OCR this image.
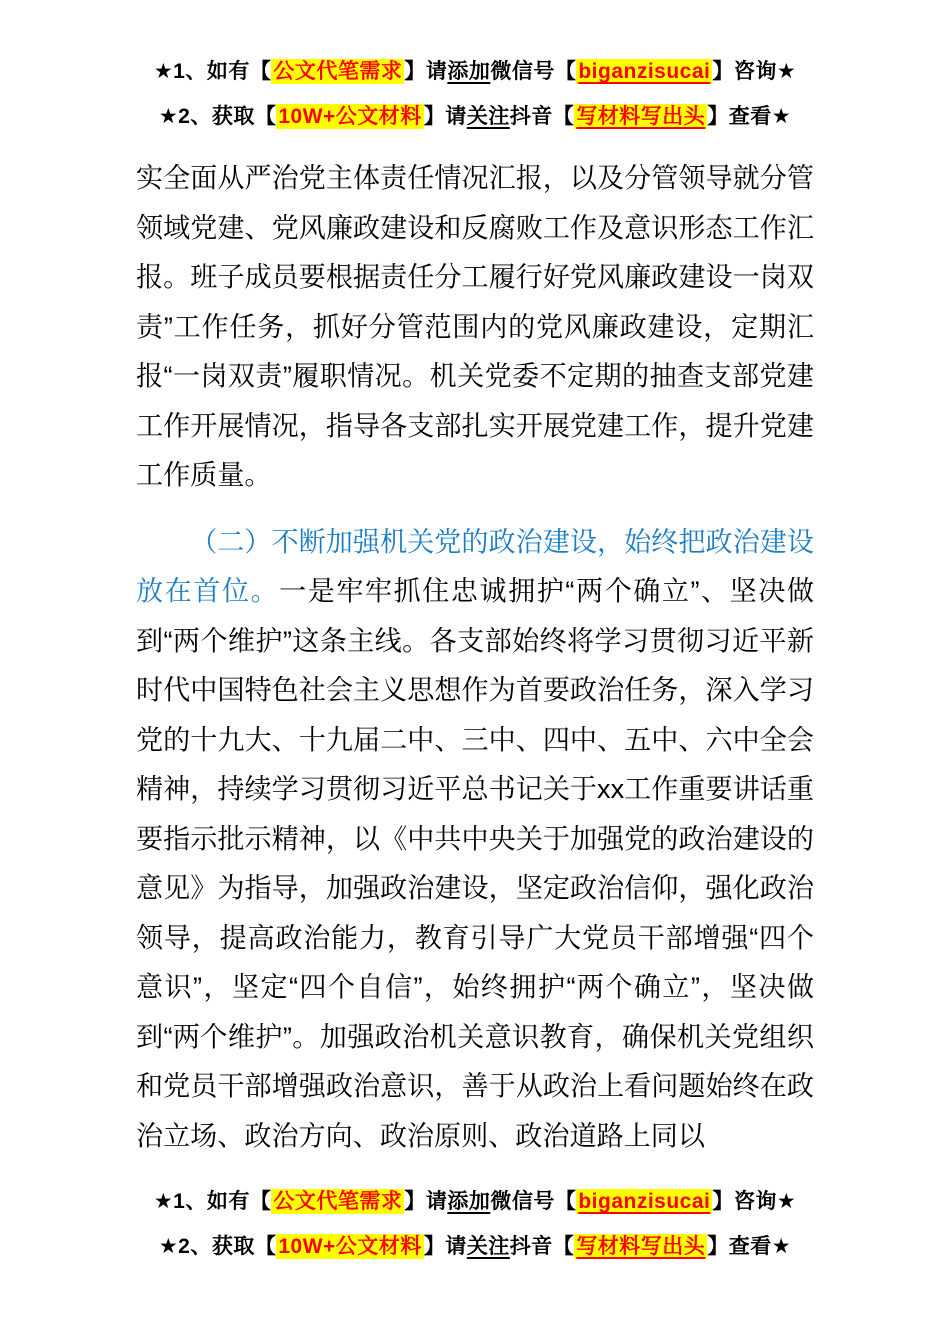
★1、如有【公文代笔需求】请添加微信号【biganzisucai】咨询★
★2、获取【10W+公文材料】请关注抖音【写材料写出头】查看★

实全面从严治党主体责任情况汇报，以及分管领导就分管领域党建、党风廉政建设和反腐败工作及意识形态工作汇报。班子成员要根据责任分工履行好党风廉政建设一岗双责”工作任务，抓好分管范围内的党风廉政建设，定期汇报“一岗双责”履职情况。机关党委不定期的抽查支部党建工作开展情况，指导各支部扎实开展党建工作，提升党建工作质量。

（二）不断加强机关党的政治建设，始终把政治建设放在首位。一是牢牢抓住忠诚拥护“两个确立”、坚决做到“两个维护”这条主线。各支部始终将学习贯彻习近平新时代中国特色社会主义思想作为首要政治任务，深入学习党的十九大、十九届二中、三中、四中、五中、六中全会精神，持续学习贯彻习近平总书记关于xx工作重要讲话重要指示批示精神，以《中共中央关于加强党的政治建设的意见》为指导，加强政治建设，坚定政治信仰，强化政治领导，提高政治能力，教育引导广大党员干部增强“四个意识”，坚定“四个自信”，始终拥护“两个确立”，坚决做到“两个维护”。加强政治机关意识教育，确保机关党组织和党员干部增强政治意识，善于从政治上看问题始终在政治立场、政治方向、政治原则、政治道路上同以

★1、如有【公文代笔需求】请添加微信号【biganzisucai】咨询★
★2、获取【10W+公文材料】请关注抖音【写材料写出头】查看★
